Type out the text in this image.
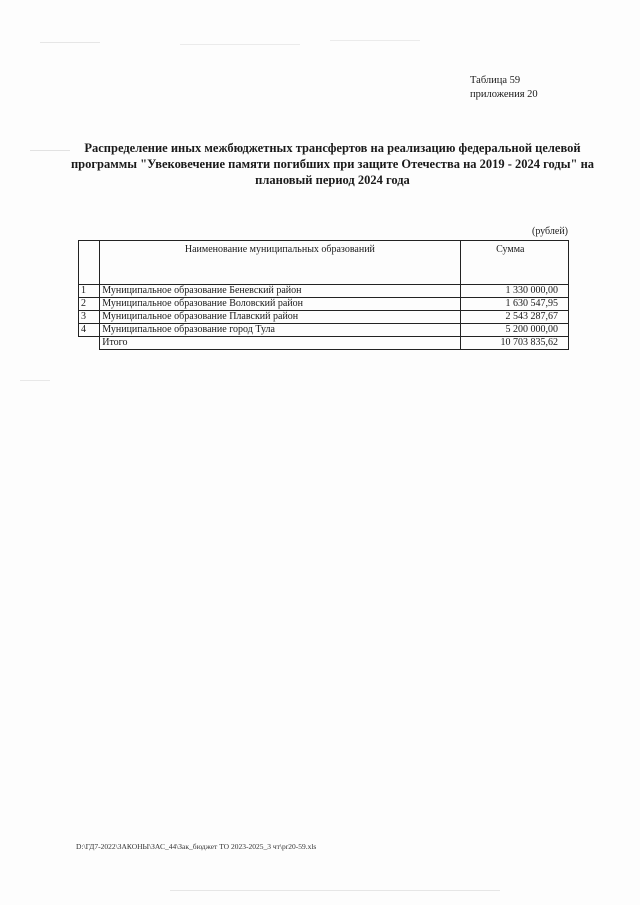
Таблица 59
приложения 20
Распределение иных межбюджетных трансфертов на реализацию федеральной целевой программы "Увековечение памяти погибших при защите Отечества на 2019 - 2024 годы" на плановый период 2024 года
(рублей)
	Наименование муниципальных образований	Сумма
1	Муниципальное образование Беневский район	1 330 000,00
2	Муниципальное образование Воловский район	1 630 547,95
3	Муниципальное образование Плавский район	2 543 287,67
4	Муниципальное образование город Тула	5 200 000,00
	Итого	10 703 835,62
D:\ГД7-2022\ЗАКОНЫ\ЗАС_44\Зак_бюджет ТО 2023-2025_3 чт\pr20-59.xls
